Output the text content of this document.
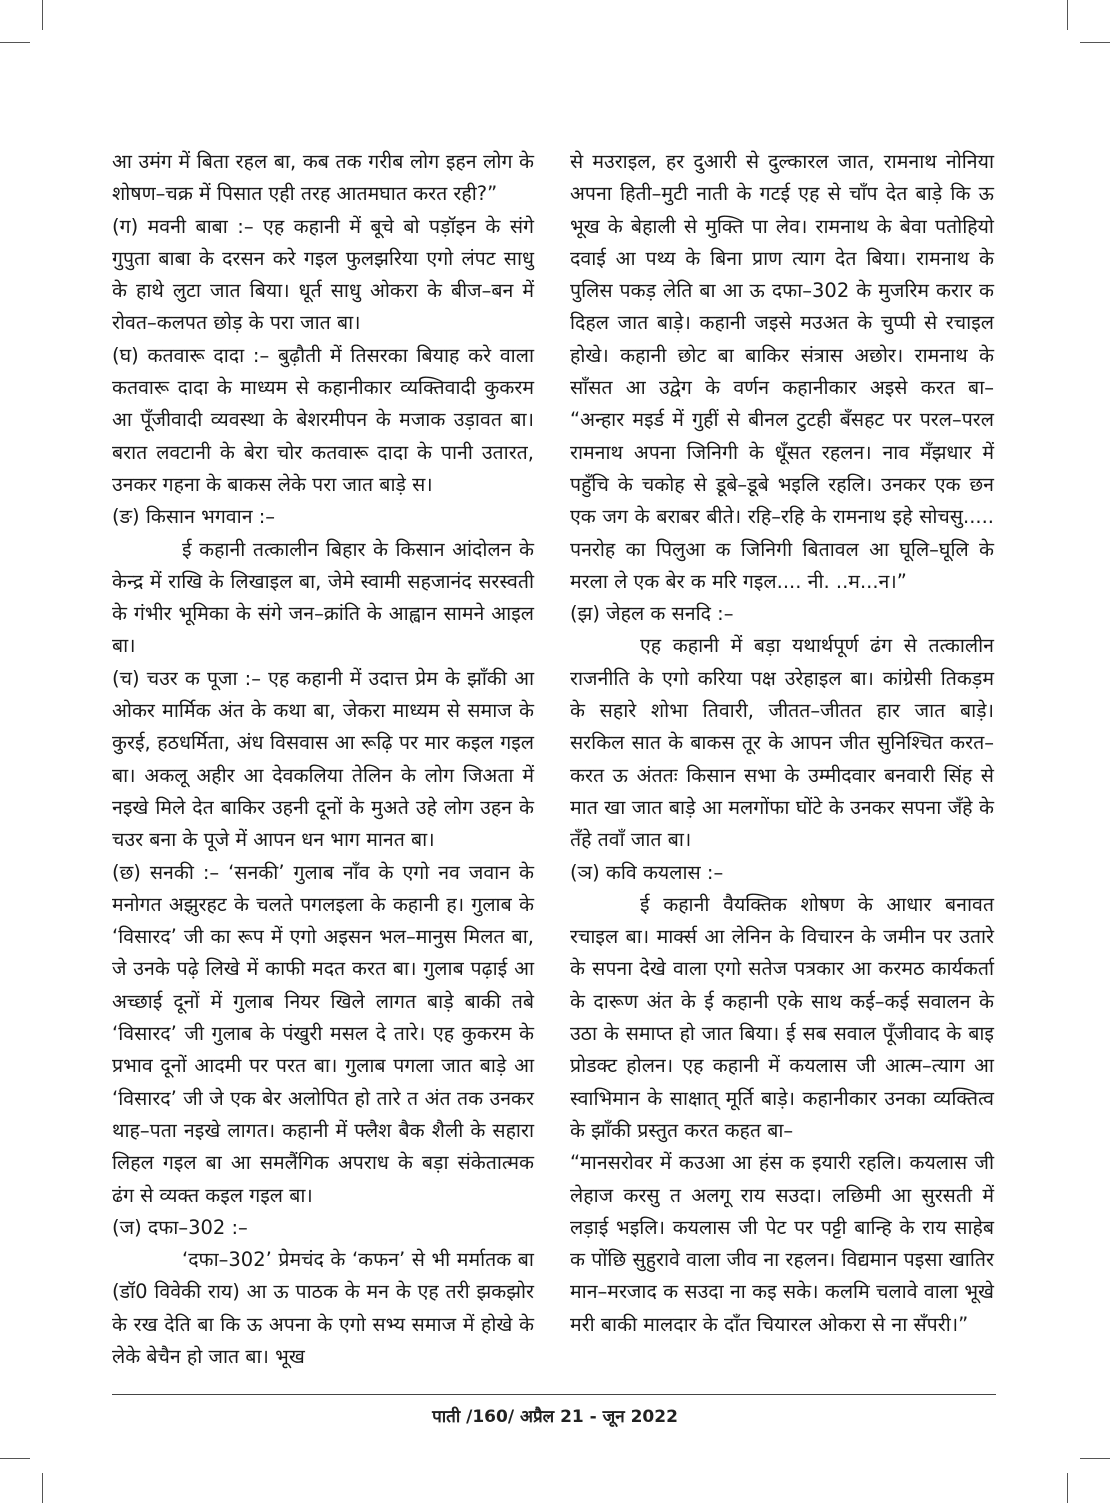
आ उमंग में बिता रहल बा, कब तक गरीब लोग इहन लोग के शोषण–चक्र में पिसात एही तरह आतमघात करत रही?”

(ग) मवनी बाबा :– एह कहानी में बूचे बो पड़ॉइन के संगे गुपुता बाबा के दरसन करे गइल फुलझरिया एगो लंपट साधु के हाथे लुटा जात बिया। धूर्त साधु ओकरा के बीज–बन में रोवत–कलपत छोड़ के परा जात बा।

(घ) कतवारू दादा :– बुढ़ौती में तिसरका बियाह करे वाला कतवारू दादा के माध्यम से कहानीकार व्यक्तिवादी कुकरम आ पूँजीवादी व्यवस्था के बेशरमीपन के मजाक उड़ावत बा। बरात लवटानी के बेरा चोर कतवारू दादा के पानी उतारत, उनकर गहना के बाकस लेके परा जात बाड़े स।

(ङ) किसान भगवान :–

ई कहानी तत्कालीन बिहार के किसान आंदोलन के केन्द्र में राखि के लिखाइल बा, जेमे स्वामी सहजानंद सरस्वती के गंभीर भूमिका के संगे जन–क्रांति के आह्वान सामने आइल बा।

(च) चउर क पूजा :– एह कहानी में उदात्त प्रेम के झाँकी आ ओकर मार्मिक अंत के कथा बा, जेकरा माध्यम से समाज के कुरई, हठधर्मिता, अंध विसवास आ रूढ़ि पर मार कइल गइल बा। अकलू अहीर आ देवकलिया तेलिन के लोग जिअता में नइखे मिले देत बाकिर उहनी दूनों के मुअते उहे लोग उहन के चउर बना के पूजे में आपन धन भाग मानत बा।

(छ) सनकी :– ‘सनकी’ गुलाब नाँव के एगो नव जवान के मनोगत अझुरहट के चलते पगलइला के कहानी ह। गुलाब के ‘विसारद’ जी का रूप में एगो अइसन भल–मानुस मिलत बा, जे उनके पढ़े लिखे में काफी मदत करत बा। गुलाब पढ़ाई आ अच्छाई दूनों में गुलाब नियर खिले लागत बाड़े बाकी तबे ‘विसारद’ जी गुलाब के पंखुरी मसल दे तारे। एह कुकरम के प्रभाव दूनों आदमी पर परत बा। गुलाब पगला जात बाड़े आ ‘विसारद’ जी जे एक बेर अलोपित हो तारे त अंत तक उनकर थाह–पता नइखे लागत। कहानी में फ्लैश बैक शैली के सहारा लिहल गइल बा आ समलैंगिक अपराध के बड़ा संकेतात्मक ढंग से व्यक्त कइल गइल बा।

(ज) दफा–302 :–

‘दफा–302’ प्रेमचंद के ‘कफन’ से भी मर्मातक बा (डॉ0 विवेकी राय) आ ऊ पाठक के मन के एह तरी झकझोर के रख देति बा कि ऊ अपना के एगो सभ्य समाज में होखे के लेके बेचैन हो जात बा। भूख

से मउराइल, हर दुआरी से दुल्कारल जात, रामनाथ नोनिया अपना हिती–मुटी नाती के गटई एह से चाँप देत बाड़े कि ऊ भूख के बेहाली से मुक्ति पा लेव। रामनाथ के बेवा पतोहियो दवाई आ पथ्य के बिना प्राण त्याग देत बिया। रामनाथ के पुलिस पकड़ लेति बा आ ऊ दफा–302 के मुजरिम करार क दिहल जात बाड़े। कहानी जइसे मउअत के चुप्पी से रचाइल होखे। कहानी छोट बा बाकिर संत्रास अछोर। रामनाथ के साँसत आ उद्वेग के वर्णन कहानीकार अइसे करत बा– “अन्हार मइर्ड में गुहीं से बीनल टुटही बँसहट पर परल–परल रामनाथ अपना जिनिगी के धूँसत रहलन। नाव मँझधार में पहुँचि के चकोह से डूबे–डूबे भइलि रहलि। उनकर एक छन एक जग के बराबर बीते। रहि–रहि के रामनाथ इहे सोचसु..... पनरोह का पिलुआ क जिनिगी बितावल आ घूलि–घूलि के मरला ले एक बेर क मरि गइल.... नी. ..म...न।”

(झ) जेहल क सनदि :–

एह कहानी में बड़ा यथार्थपूर्ण ढंग से तत्कालीन राजनीति के एगो करिया पक्ष उरेहाइल बा। कांग्रेसी तिकड़म के सहारे शोभा तिवारी, जीतत–जीतत हार जात बाड़े। सरकिल सात के बाकस तूर के आपन जीत सुनिश्चित करत–करत ऊ अंततः किसान सभा के उम्मीदवार बनवारी सिंह से मात खा जात बाड़े आ मलगोंफा घोंटे के उनकर सपना जँहे के तँहे तवाँ जात बा।

(ञ) कवि कयलास :–

ई कहानी वैयक्तिक शोषण के आधार बनावत रचाइल बा। मार्क्स आ लेनिन के विचारन के जमीन पर उतारे के सपना देखे वाला एगो सतेज पत्रकार आ करमठ कार्यकर्ता के दारूण अंत के ई कहानी एके साथ कई–कई सवालन के उठा के समाप्त हो जात बिया। ई सब सवाल पूँजीवाद के बाइ प्रोडक्ट होलन। एह कहानी में कयलास जी आत्म–त्याग आ स्वाभिमान के साक्षात् मूर्ति बाड़े। कहानीकार उनका व्यक्तित्व के झाँकी प्रस्तुत करत कहत बा–

“मानसरोवर में कउआ आ हंस क इयारी रहलि। कयलास जी लेहाज करसु त अलगू राय सउदा। लछिमी आ सुरसती में लड़ाई भइलि। कयलास जी पेट पर पट्टी बान्हि के राय साहेब क पोंछि सुहुरावे वाला जीव ना रहलन। विद्यमान पइसा खातिर मान–मरजाद क सउदा ना कइ सके। कलमि चलावे वाला भूखे मरी बाकी मालदार के दाँत चियारल ओकरा से ना सँपरी।”

पाती /160/ अप्रैल 21 - जून 2022
